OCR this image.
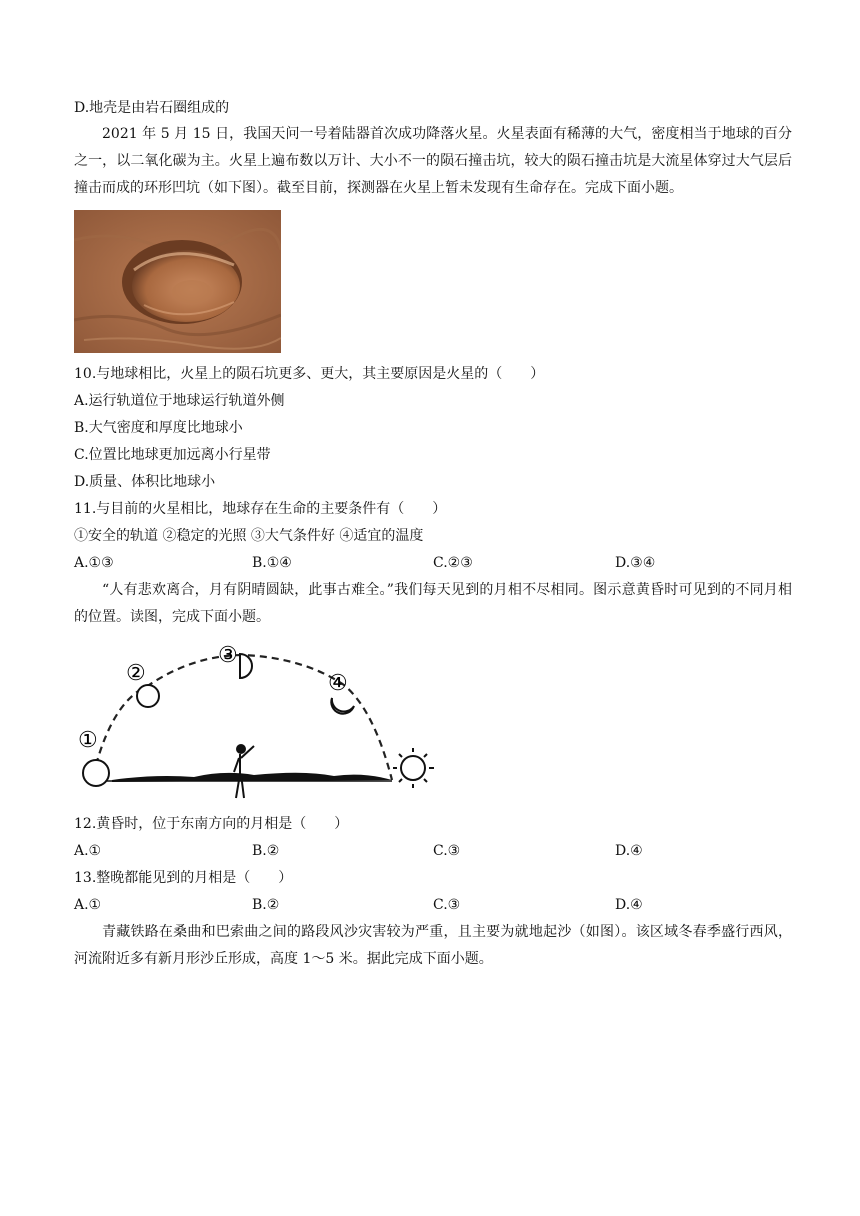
D.地壳是由岩石圈组成的
2021 年 5 月 15 日，我国天问一号着陆器首次成功降落火星。火星表面有稀薄的大气，密度相当于地球的百分之一，以二氧化碳为主。火星上遍布数以万计、大小不一的陨石撞击坑，较大的陨石撞击坑是大流星体穿过大气层后撞击而成的环形凹坑（如下图）。截至目前，探测器在火星上暂未发现有生命存在。完成下面小题。
10.与地球相比，火星上的陨石坑更多、更大，其主要原因是火星的（　　）
A.运行轨道位于地球运行轨道外侧
B.大气密度和厚度比地球小
C.位置比地球更加远离小行星带
D.质量、体积比地球小
11.与目前的火星相比，地球存在生命的主要条件有（　　）
①安全的轨道 ②稳定的光照 ③大气条件好 ④适宜的温度
A.①③	B.①④	C.②③	D.③④
“人有悲欢离合，月有阴晴圆缺，此事古难全。”我们每天见到的月相不尽相同。图示意黄昏时可见到的不同月相的位置。读图，完成下面小题。
①
②
③
④
12.黄昏时，位于东南方向的月相是（　　）
A.①	B.②	C.③	D.④
13.整晚都能见到的月相是（　　）
A.①	B.②	C.③	D.④
青藏铁路在桑曲和巴索曲之间的路段风沙灾害较为严重，且主要为就地起沙（如图）。该区域冬春季盛行西风，河流附近多有新月形沙丘形成，高度 1～5 米。据此完成下面小题。
